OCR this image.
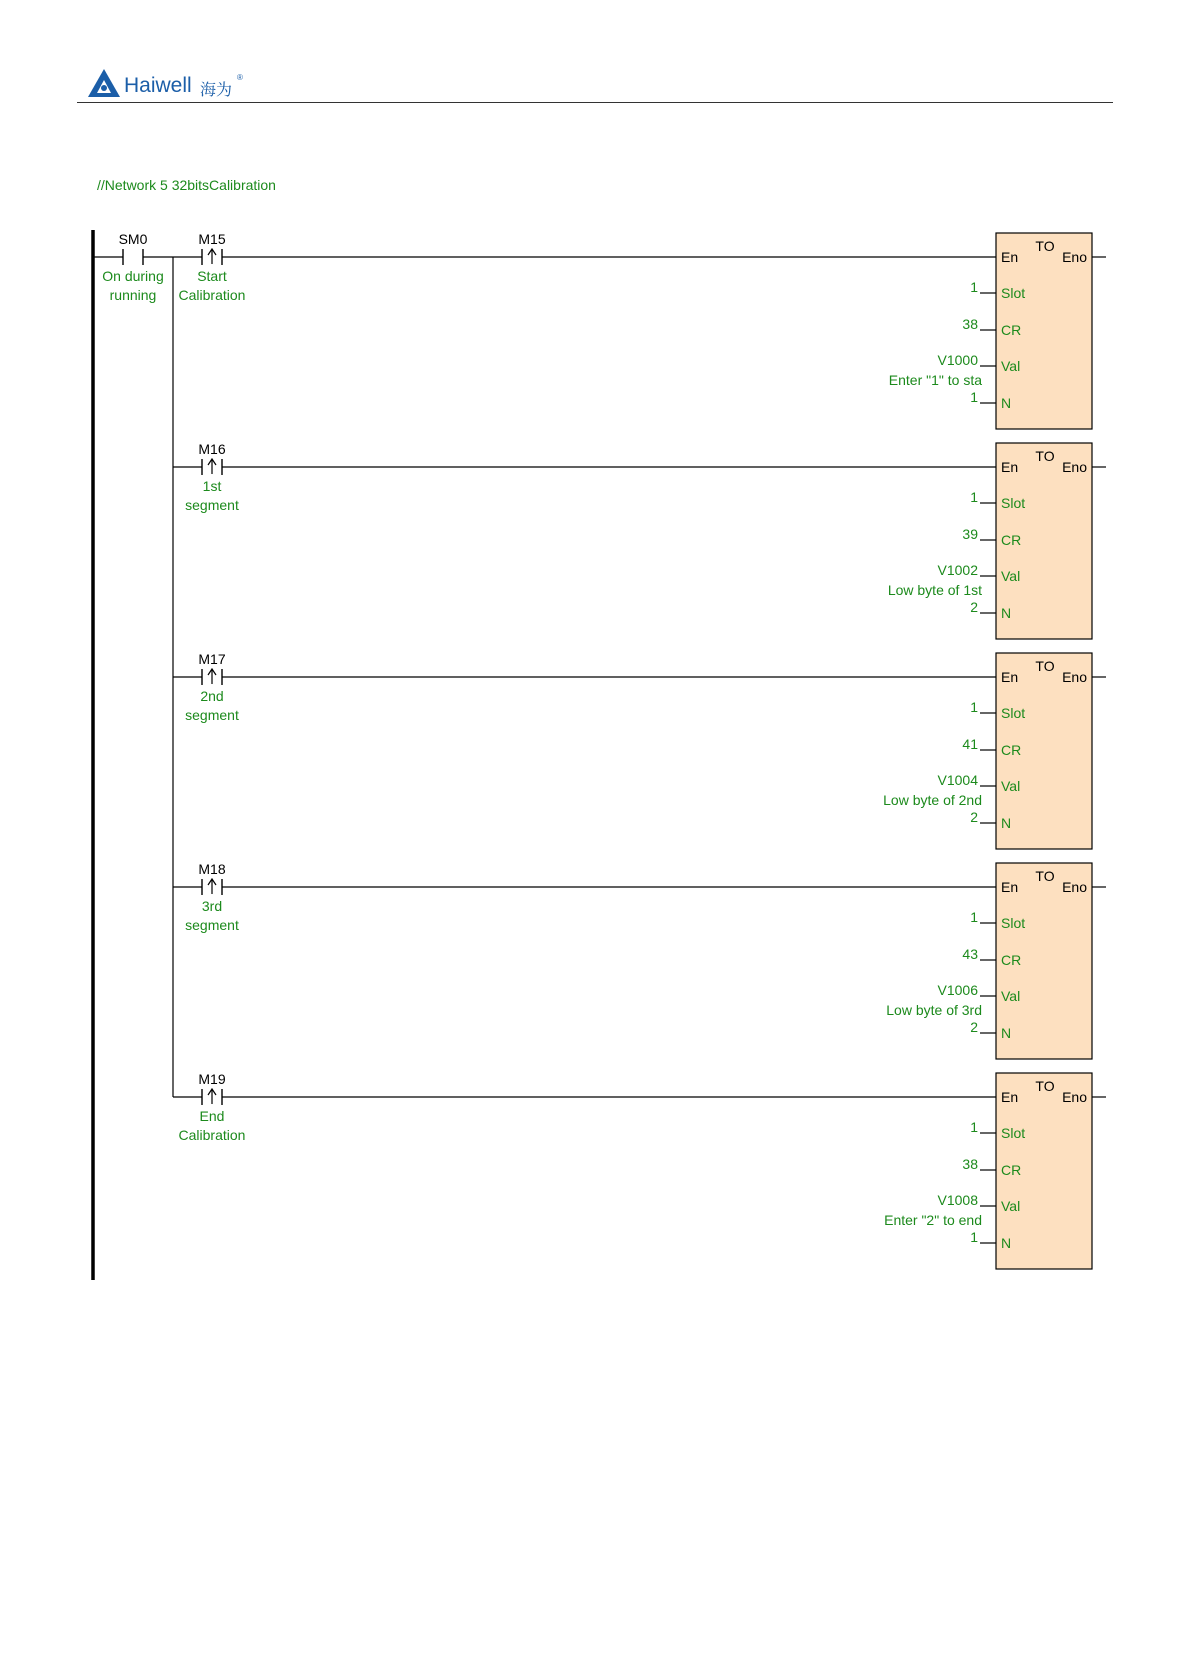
Haiwell 海为
®
//Network 5 32bitsCalibration
SM0
On during
running
M15
Start
Calibration
TO
En	Eno
Slot
1
CR
38
Val
V1000
N
1
Enter "1" to sta
M16
1st
segment
TO
En	Eno
Slot
1
CR
39
Val
V1002
N
2
Low byte of 1st
M17
2nd
segment
TO
En	Eno
Slot
1
CR
41
Val
V1004
N
2
Low byte of 2nd
M18
3rd
segment
TO
En	Eno
Slot
1
CR
43
Val
V1006
N
2
Low byte of 3rd
M19
End
Calibration
TO
En	Eno
Slot
1
CR
38
Val
V1008
N
1
Enter "2" to end
